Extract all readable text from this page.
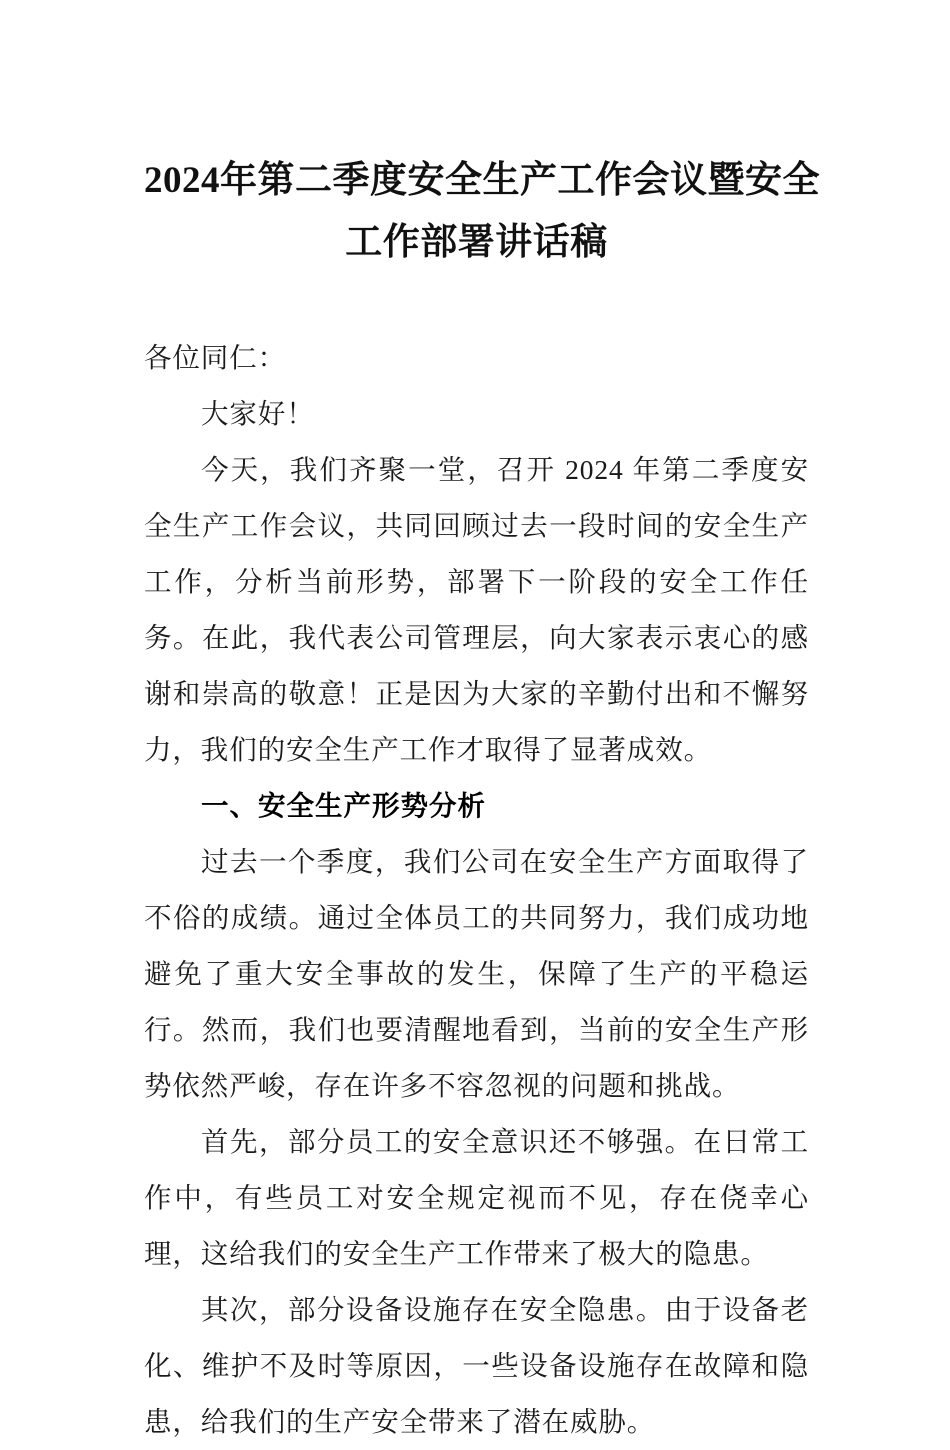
2024年第二季度安全生产工作会议暨安全
工作部署讲话稿

各位同仁：

大家好！

今天，我们齐聚一堂，召开 2024 年第二季度安全生产工作会议，共同回顾过去一段时间的安全生产工作，分析当前形势，部署下一阶段的安全工作任务。在此，我代表公司管理层，向大家表示衷心的感谢和崇高的敬意！正是因为大家的辛勤付出和不懈努力，我们的安全生产工作才取得了显著成效。

一、安全生产形势分析

过去一个季度，我们公司在安全生产方面取得了不俗的成绩。通过全体员工的共同努力，我们成功地避免了重大安全事故的发生，保障了生产的平稳运行。然而，我们也要清醒地看到，当前的安全生产形势依然严峻，存在许多不容忽视的问题和挑战。

首先，部分员工的安全意识还不够强。在日常工作中，有些员工对安全规定视而不见，存在侥幸心理，这给我们的安全生产工作带来了极大的隐患。

其次，部分设备设施存在安全隐患。由于设备老化、维护不及时等原因，一些设备设施存在故障和隐患，给我们的生产安全带来了潜在威胁。
